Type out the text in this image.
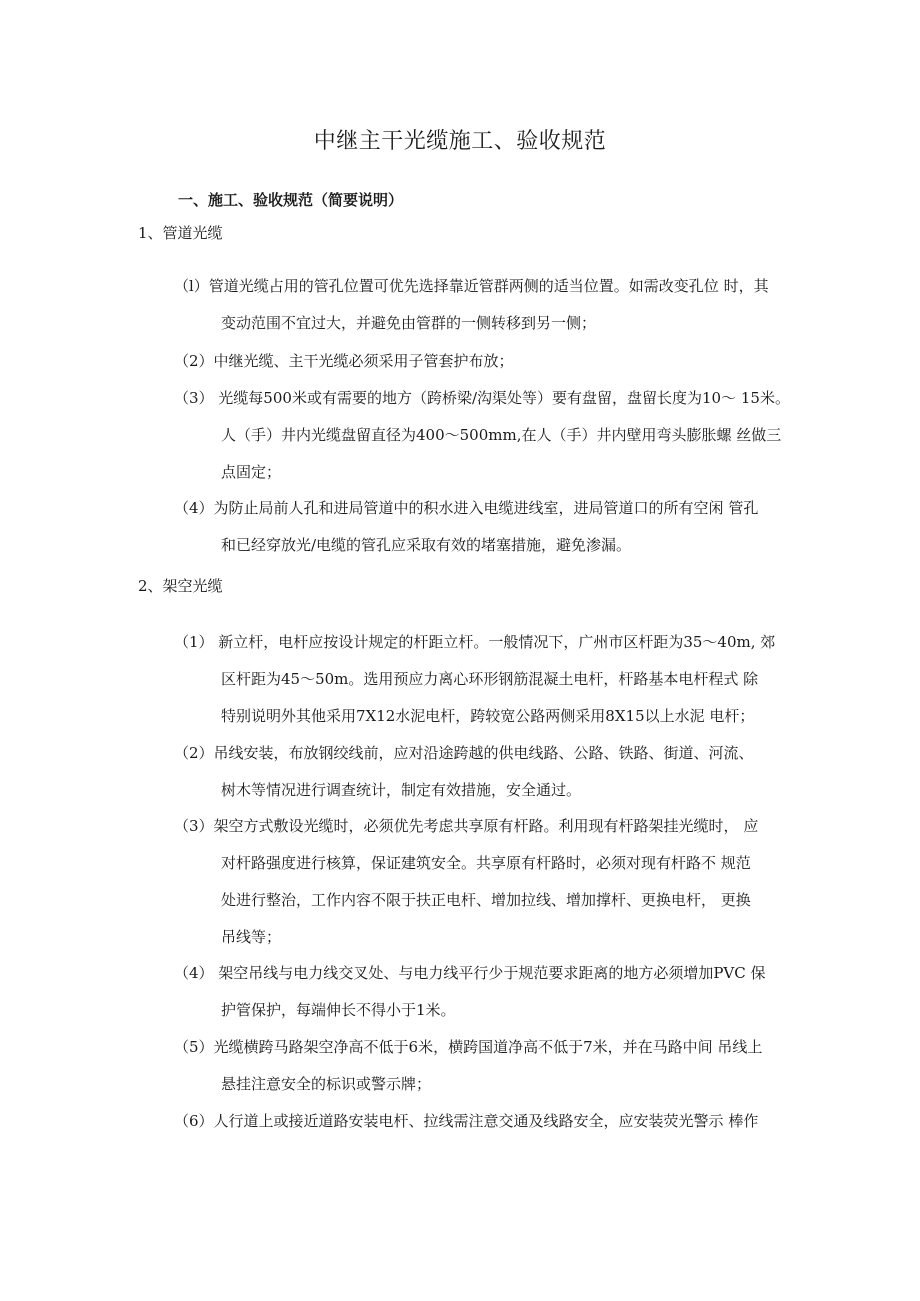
中继主干光缆施工、验收规范
一、施工、验收规范（简要说明）
1、管道光缆
（l）管道光缆占用的管孔位置可优先选择靠近管群两侧的适当位置。如需改变孔位 时，其
变动范围不宜过大，并避免由管群的一侧转移到另一侧；
（2）中继光缆、主干光缆必须采用子管套护布放；
（3） 光缆每500米或有需要的地方（跨桥梁/沟渠处等）要有盘留，盘留长度为10～ 15米。
人（手）井内光缆盘留直径为400～500mm,在人（手）井内壁用弯头膨胀螺 丝做三
点固定；
（4）为防止局前人孔和进局管道中的积水进入电缆进线室，进局管道口的所有空闲 管孔
和已经穿放光/电缆的管孔应采取有效的堵塞措施，避免渗漏。
2、架空光缆
（1） 新立杆，电杆应按设计规定的杆距立杆。一般情况下，广州市区杆距为35～40m, 郊
区杆距为45～50m。选用预应力离心环形钢筋混凝土电杆，杆路基本电杆程式 除
特别说明外其他采用7X12水泥电杆，跨较宽公路两侧采用8X15以上水泥 电杆；
（2）吊线安装，布放钢绞线前，应对沿途跨越的供电线路、公路、铁路、街道、河流、
树木等情况进行调查统计，制定有效措施，安全通过。
（3）架空方式敷设光缆时，必须优先考虑共享原有杆路。利用现有杆路架挂光缆时， 应
对杆路强度进行核算，保证建筑安全。共享原有杆路时，必须对现有杆路不 规范
处进行整治，工作内容不限于扶正电杆、增加拉线、增加撑杆、更换电杆， 更换
吊线等；
（4） 架空吊线与电力线交叉处、与电力线平行少于规范要求距离的地方必须增加PVC 保
护管保护，每端伸长不得小于1米。
（5）光缆横跨马路架空净高不低于6米，横跨国道净高不低于7米，并在马路中间 吊线上
悬挂注意安全的标识或警示牌；
（6）人行道上或接近道路安装电杆、拉线需注意交通及线路安全，应安装荧光警示 棒作
